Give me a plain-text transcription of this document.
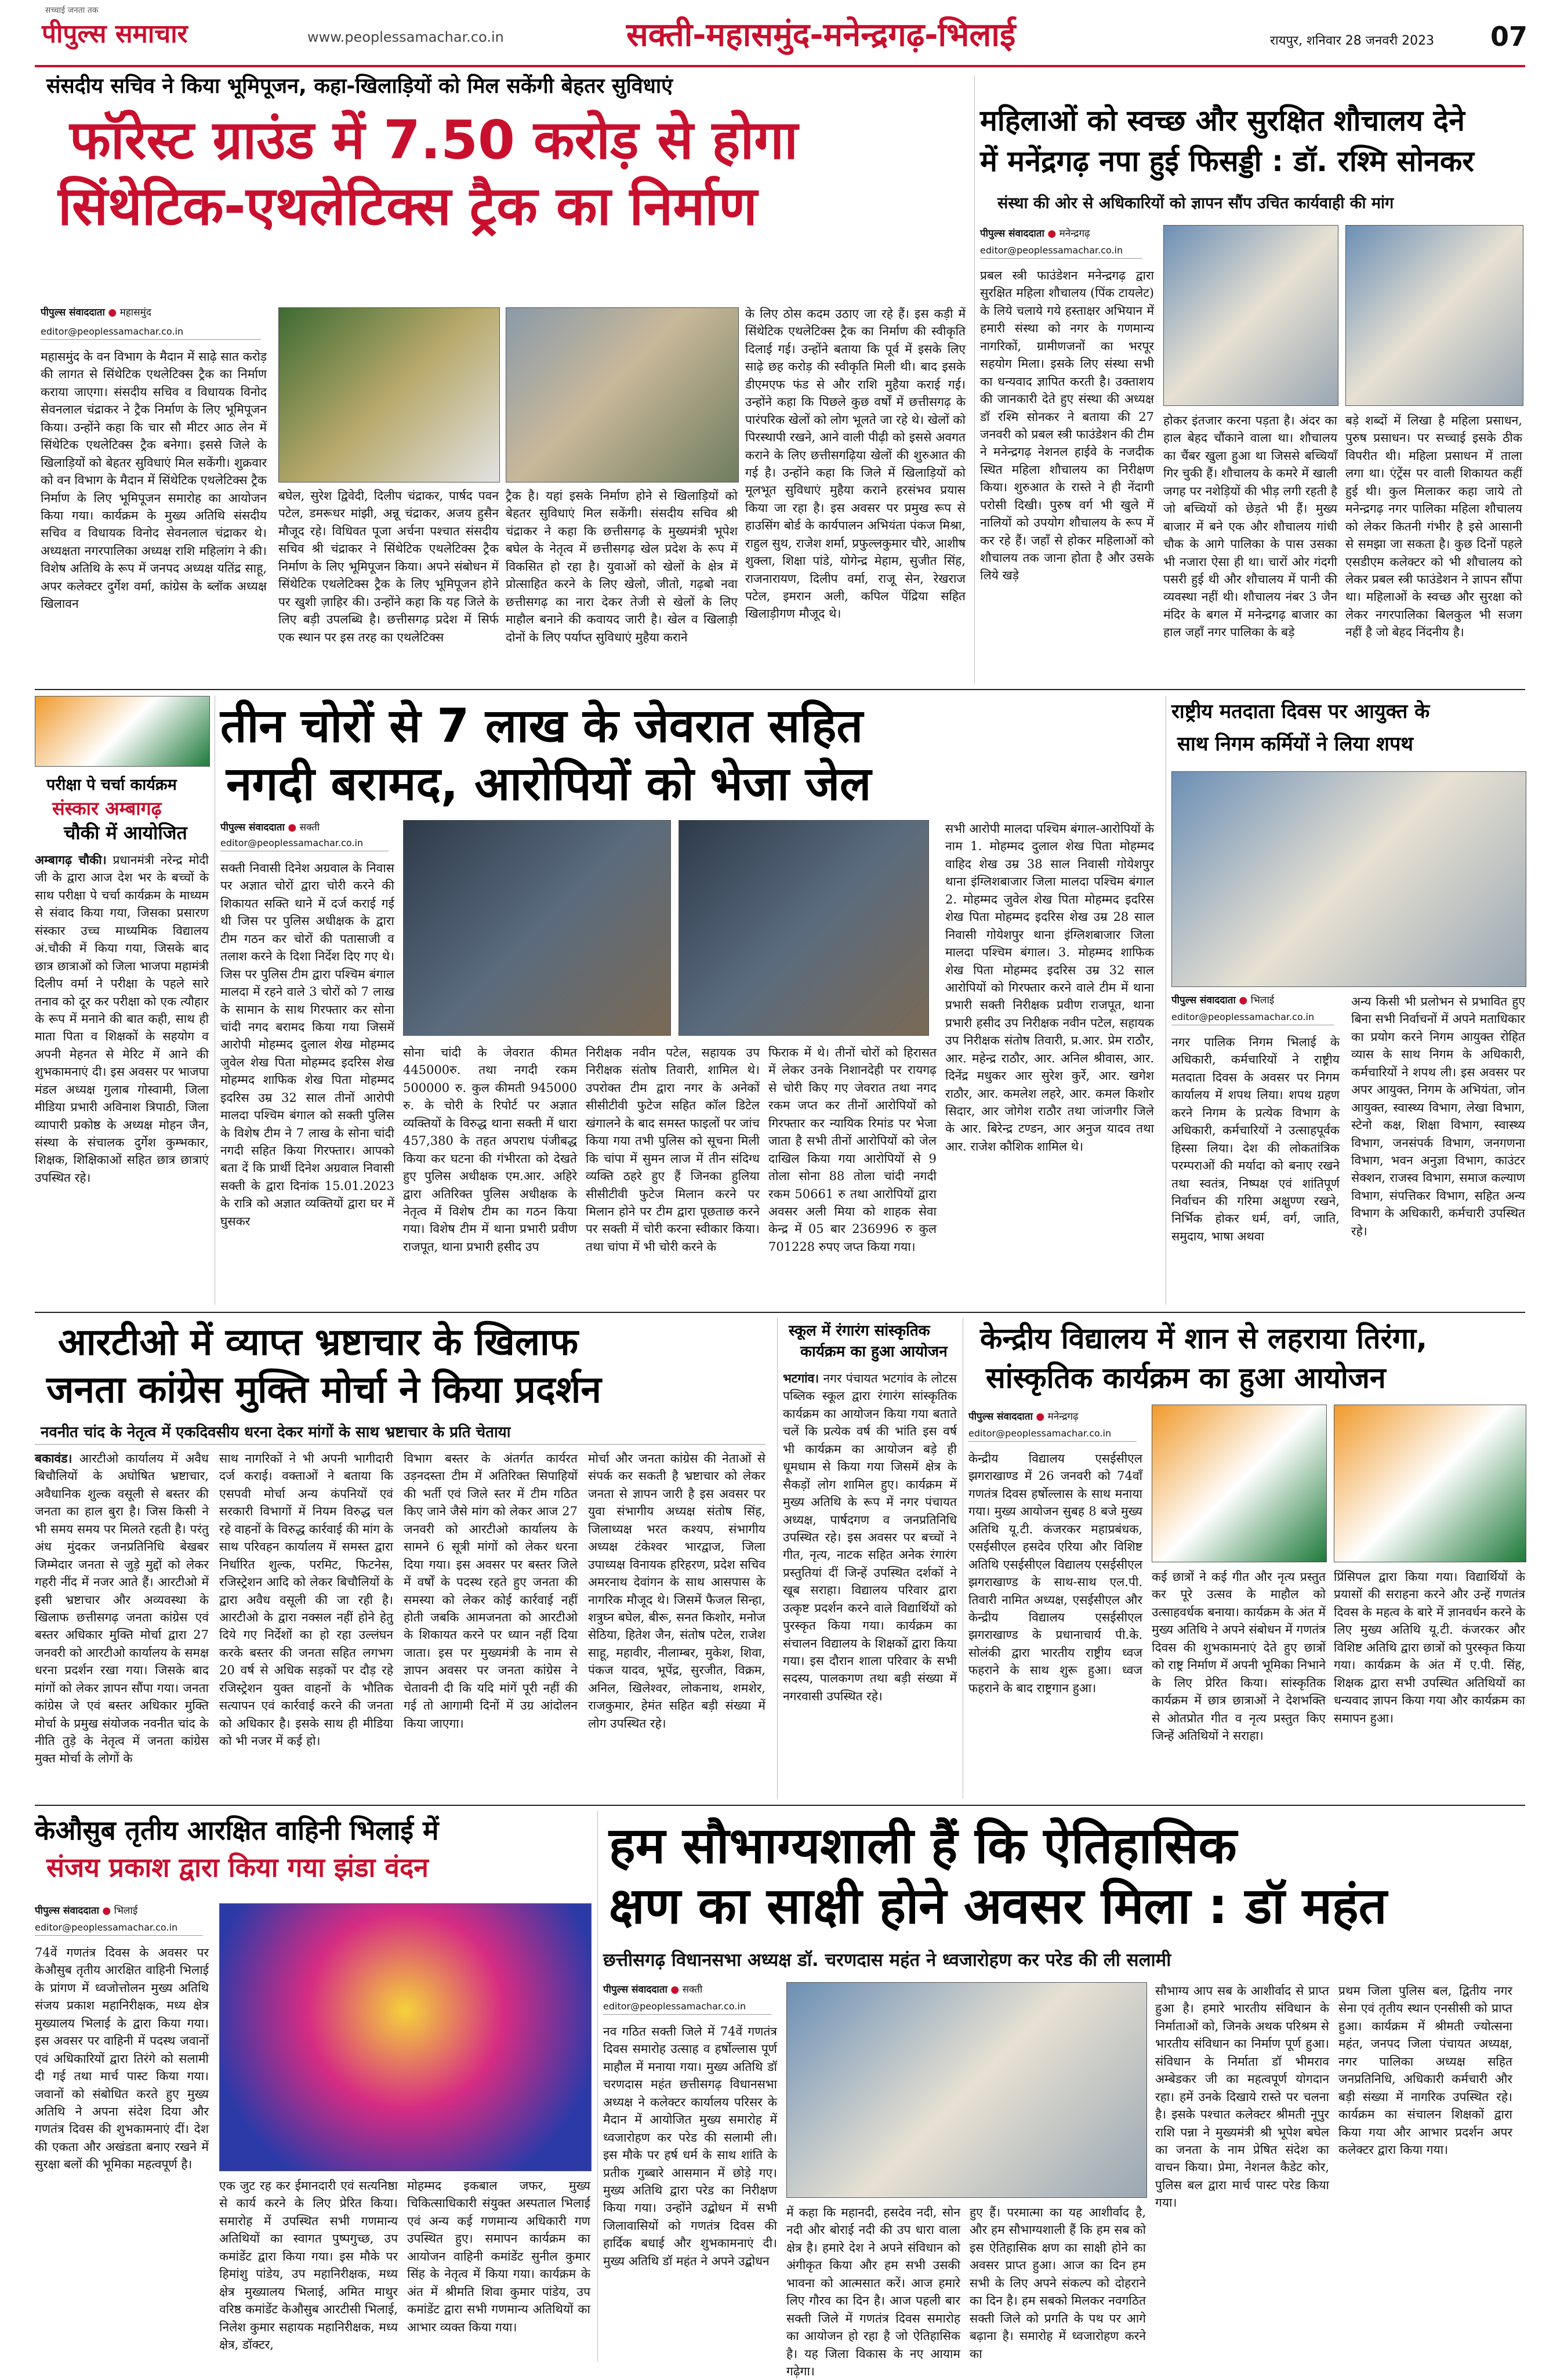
सच्चाई जनता तक
पीपुल्स समाचार	www.peoplessamachar.co.in	सक्ती-महासमुंद-मनेन्द्रगढ़-भिलाई	रायपुर, शनिवार 28 जनवरी 2023 07
संसदीय सचिव ने किया भूमिपूजन, कहा-खिलाड़ियों को मिल सकेंगी बेहतर सुविधाएं
फॉरेस्ट ग्राउंड में 7.50 करोड़ से होगा
सिंथेटिक-एथलेटिक्स ट्रैक का निर्माण
पीपुल्स संवाददाता ● महासमुंद
editor@peoplessamachar.co.in

महासमुंद के वन विभाग के मैदान में साढ़े सात करोड़ की लागत से सिंथेटिक एथलेटिक्स ट्रैक का निर्माण कराया जाएगा। संसदीय सचिव व विधायक विनोद सेवनलाल चंद्राकर ने ट्रैक निर्माण के लिए भूमिपूजन किया। उन्होंने कहा कि चार सौ मीटर आठ लेन में सिंथेटिक एथलेटिक्स ट्रैक बनेगा। इससे जिले के खिलाड़ियों को बेहतर सुविधाएं मिल सकेंगी। शुक्रवार को वन विभाग के मैदान में सिंथेटिक एथलेटिक्स ट्रैक निर्माण के लिए भूमिपूजन समारोह का आयोजन किया गया। कार्यक्रम के मुख्य अतिथि संसदीय सचिव व विधायक विनोद सेवनलाल चंद्राकर थे। अध्यक्षता नगरपालिका अध्यक्ष राशि महिलांग ने की। विशेष अतिथि के रूप में जनपद अध्यक्ष यतिंद्र साहू, अपर कलेक्टर दुर्गेश वर्मा, कांग्रेस के ब्लॉक अध्यक्ष खिलावन

बघेल, सुरेश द्विवेदी, दिलीप चंद्राकर, पार्षद पवन पटेल, डमरूधर मांझी, अन्नू चंद्राकर, अजय हुसैन मौजूद रहे। विधिवत पूजा अर्चना पश्चात संसदीय सचिव श्री चंद्राकर ने सिंथेटिक एथलेटिक्स ट्रैक निर्माण के लिए भूमिपूजन किया। अपने संबोधन में सिंथेटिक एथलेटिक्स ट्रैक के लिए भूमिपूजन होने पर खुशी ज़ाहिर की। उन्होंने कहा कि यह जिले के लिए बड़ी उपलब्धि है। छत्तीसगढ़ प्रदेश में सिर्फ एक स्थान पर इस तरह का एथलेटिक्स

ट्रैक है। यहां इसके निर्माण होने से खिलाड़ियों को बेहतर सुविधाएं मिल सकेंगी। संसदीय सचिव श्री चंद्राकर ने कहा कि छत्तीसगढ़ के मुख्यमंत्री भूपेश बघेल के नेतृत्व में छत्तीसगढ़ खेल प्रदेश के रूप में विकसित हो रहा है। युवाओं को खेलों के क्षेत्र में प्रोत्साहित करने के लिए खेलो, जीतो, गढ़बो नवा छत्तीसगढ़ का नारा देकर तेजी से खेलों के लिए माहौल बनाने की कवायद जारी है। खेल व खिलाड़ी दोनों के लिए पर्याप्त सुविधाएं मुहैया कराने

के लिए ठोस कदम उठाए जा रहे हैं। इस कड़ी में सिंथेटिक एथलेटिक्स ट्रैक का निर्माण की स्वीकृति दिलाई गई। उन्होंने बताया कि पूर्व में इसके लिए साढ़े छह करोड़ की स्वीकृति मिली थी। बाद इसके डीएमएफ फंड से और राशि मुहैया कराई गई। उन्होंने कहा कि पिछले कुछ वर्षों में छत्तीसगढ़ के पारंपरिक खेलों को लोग भूलते जा रहे थे। खेलों को पिरस्थापी रखने, आने वाली पीढ़ी को इससे अवगत कराने के लिए छत्तीसगढ़िया खेलों की शुरुआत की गई है। उन्होंने कहा कि जिले में खिलाड़ियों को मूलभूत सुविधाएं मुहैया कराने हरसंभव प्रयास किया जा रहा है। इस अवसर पर प्रमुख रूप से हाउसिंग बोर्ड के कार्यपालन अभियंता पंकज मिश्रा, राहुल सुथ, राजेश शर्मा, प्रफुल्लकुमार चौरे, आशीष शुक्ला, शिक्षा पांडे, योगेन्द्र मेहाम, सुजीत सिंह, राजनारायण, दिलीप वर्मा, राजू सेन, रेखराज पटेल, इमरान अली, कपिल पेंद्रिया सहित खिलाड़ीगण मौजूद थे।

महिलाओं को स्वच्छ और सुरक्षित शौचालय देने
में मनेंद्रगढ़ नपा हुई फिसड्डी : डॉ. रश्मि सोनकर
संस्था की ओर से अधिकारियों को ज्ञापन सौंप उचित कार्यवाही की मांग
पीपुल्स संवाददाता ● मनेन्द्रगढ़
editor@peoplessamachar.co.in

प्रबल स्त्री फाउंडेशन मनेन्द्रगढ़ द्वारा सुरक्षित महिला शौचालय (पिंक टायलेट) के लिये चलाये गये हस्ताक्षर अभियान में हमारी संस्था को नगर के गणमान्य नागरिकों, ग्रामीणजनों का भरपूर सहयोग मिला। इसके लिए संस्था सभी का धन्यवाद ज्ञापित करती है। उक्ताशय की जानकारी देते हुए संस्था की अध्यक्ष डॉ रश्मि सोनकर ने बताया की 27 जनवरी को प्रबल स्त्री फाउंडेशन की टीम ने मनेन्द्रगढ़ नेशनल हाईवे के नजदीक स्थित महिला शौचालय का निरीक्षण किया। शुरुआत के रास्ते ने ही नेंदागी परोसी दिखी। पुरुष वर्ग भी खुले में नालियों को उपयोग शौचालय के रूप में कर रहे हैं। जहाँ से होकर महिलाओं को शौचालय तक जाना होता है और उसके लिये खड़े

होकर इंतजार करना पड़ता है। अंदर का हाल बेहद चौंकाने वाला था। शौचालय का चैंबर खुला हुआ था जिससे बच्चियाँ गिर चुकी हैं। शौचालय के कमरे में खाली जगह पर नशेड़ियों की भीड़ लगी रहती है जो बच्चियों को छेड़ते भी हैं। मुख्य बाजार में बने एक और शौचालय गांधी चौक के आगे पालिका के पास उसका भी नजारा ऐसा ही था। चारों ओर गंदगी पसरी हुई थी और शौचालय में पानी की व्यवस्था नहीं थी। शौचालय नंबर 3 जैन मंदिर के बगल में मनेन्द्रगढ़ बाजार का हाल जहाँ नगर पालिका के बड़े

बड़े शब्दों में लिखा है महिला प्रसाधन, पुरुष प्रसाधन। पर सच्चाई इसके ठीक विपरीत थी। महिला प्रसाधन में ताला लगा था। एंट्रेंस पर वाली शिकायत कहीं हुई थी। कुल मिलाकर कहा जाये तो मनेन्द्रगढ़ नगर पालिका महिला शौचालय को लेकर कितनी गंभीर है इसे आसानी से समझा जा सकता है। कुछ दिनों पहले एसडीएम कलेक्टर को भी शौचालय को लेकर प्रबल स्त्री फाउंडेशन ने ज्ञापन सौंपा था। महिलाओं के स्वच्छ और सुरक्षा को लेकर नगरपालिका बिलकुल भी सजग नहीं है जो बेहद निंदनीय है।

परीक्षा पे चर्चा कार्यक्रम
संस्कार अम्बागढ़
चौकी में आयोजित

अम्बागढ़ चौकी। प्रधानमंत्री नरेन्द्र मोदी जी के द्वारा आज देश भर के बच्चों के साथ परीक्षा पे चर्चा कार्यक्रम के माध्यम से संवाद किया गया, जिसका प्रसारण संस्कार उच्च माध्यमिक विद्यालय अं.चौकी में किया गया, जिसके बाद छात्र छात्राओं को जिला भाजपा महामंत्री दिलीप वर्मा ने परीक्षा के पहले सारे तनाव को दूर कर परीक्षा को एक त्यौहार के रूप में मनाने की बात कही, साथ ही माता पिता व शिक्षकों के सहयोग व अपनी मेहनत से मेरिट में आने की शुभकामनाएं दी। इस अवसर पर भाजपा मंडल अध्यक्ष गुलाब गोस्वामी, जिला मीडिया प्रभारी अविनाश त्रिपाठी, जिला व्यापारी प्रकोष्ठ के अध्यक्ष मोहन जैन, संस्था के संचालक दुर्गेश कुम्भकार, शिक्षक, शिक्षिकाओं सहित छात्र छात्राएं उपस्थित रहे।

तीन चोरों से 7 लाख के जेवरात सहित
नगदी बरामद, आरोपियों को भेजा जेल
पीपुल्स संवाददाता ● सक्ती
editor@peoplessamachar.co.in

सक्ती निवासी दिनेश अग्रवाल के निवास पर अज्ञात चोरों द्वारा चोरी करने की शिकायत सक्ति थाने में दर्ज कराई गई थी जिस पर पुलिस अधीक्षक के द्वारा टीम गठन कर चोरों की पतासाजी व तलाश करने के दिशा निर्देश दिए गए थे। जिस पर पुलिस टीम द्वारा पश्चिम बंगाल मालदा में रहने वाले 3 चोरों को 7 लाख के सामान के साथ गिरफ्तार कर सोना चांदी नगद बरामद किया गया जिसमें आरोपी मोहम्मद दुलाल शेख मोहम्मद जुवेल शेख पिता मोहम्मद इदरिस शेख मोहम्मद शाफिक शेख पिता मोहम्मद इदरिस उम्र 32 साल तीनों आरोपी मालदा पश्चिम बंगाल को सक्ती पुलिस के विशेष टीम ने 7 लाख के सोना चांदी नगदी सहित किया गिरफ्तार। आपको बता दें कि प्रार्थी दिनेश अग्रवाल निवासी सक्ती के द्वारा दिनांक 15.01.2023 के रात्रि को अज्ञात व्यक्तियों द्वारा घर में घुसकर

सोना चांदी के जेवरात कीमत 445000रु. तथा नगदी रकम 500000 रु. कुल कीमती 945000 रु. के चोरी के रिपोर्ट पर अज्ञात व्यक्तियों के विरुद्ध थाना सक्ती में धारा 457,380 के तहत अपराध पंजीबद्ध किया कर घटना की गंभीरता को देखते हुए पुलिस अधीक्षक एम.आर. अहिरे द्वारा अतिरिक्त पुलिस अधीक्षक के नेतृत्व में विशेष टीम का गठन किया गया। विशेष टीम में थाना प्रभारी प्रवीण राजपूत, थाना प्रभारी हसीद उप

निरीक्षक नवीन पटेल, सहायक उप निरीक्षक संतोष तिवारी, शामिल थे। उपरोक्त टीम द्वारा नगर के अनेकों सीसीटीवी फुटेज सहित कॉल डिटेल खंगालने के बाद समस्त फाइलों पर जांच किया गया तभी पुलिस को सूचना मिली कि चांपा में सुमन लाज में तीन संदिग्ध व्यक्ति ठहरे हुए हैं जिनका हुलिया सीसीटीवी फुटेज मिलान करने पर मिलान होने पर टीम द्वारा पूछताछ करने पर सक्ती में चोरी करना स्वीकार किया। तथा चांपा में भी चोरी करने के

फिराक में थे। तीनों चोरों को हिरासत में लेकर उनके निशानदेही पर रायगढ़ से चोरी किए गए जेवरात तथा नगद रकम जप्त कर तीनों आरोपियों को गिरफ्तार कर न्यायिक रिमांड पर भेजा जाता है सभी तीनों आरोपियों को जेल दाखिल किया गया आरोपियों से 9 तोला सोना 88 तोला चांदी नगदी रकम 50661 रु तथा आरोपियों द्वारा अवसर अली मिया को शाहक सेवा केन्द्र में 05 बार 236996 रु कुल 701228 रुपए जप्त किया गया।

सभी आरोपी मालदा पश्चिम बंगाल-आरोपियों के नाम 1. मोहम्मद दुलाल शेख पिता मोहम्मद वाहिद शेख उम्र 38 साल निवासी गोयेशपुर थाना इंग्लिशबाजार जिला मालदा पश्चिम बंगाल 2. मोहम्मद जुवेल शेख पिता मोहम्मद इदरिस शेख पिता मोहम्मद इदरिस शेख उम्र 28 साल निवासी गोयेशपुर थाना इंग्लिशबाजार जिला मालदा पश्चिम बंगाल। 3. मोहम्मद शाफिक शेख पिता मोहम्मद इदरिस उम्र 32 साल आरोपियों को गिरफ्तार करने वाले टीम में थाना प्रभारी सक्ती निरीक्षक प्रवीण राजपूत, थाना प्रभारी हसीद उप निरीक्षक नवीन पटेल, सहायक उप निरीक्षक संतोष तिवारी, प्र.आर. प्रेम राठौर, आर. महेन्द्र राठौर, आर. अनिल श्रीवास, आर. दिनेंद्र मधुकर आर सुरेश कुर्रे, आर. खगेश राठौर, आर. कमलेश लहरे, आर. कमल किशोर सिदार, आर जोगेश राठौर तथा जांजगीर जिले के आर. बिरेन्द्र टण्डन, आर अनुज यादव तथा आर. राजेश कौशिक शामिल थे।

राष्ट्रीय मतदाता दिवस पर आयुक्त के
साथ निगम कर्मियों ने लिया शपथ
पीपुल्स संवाददाता ● भिलाई
editor@peoplessamachar.co.in

नगर पालिक निगम भिलाई के अधिकारी, कर्मचारियों ने राष्ट्रीय मतदाता दिवस के अवसर पर निगम कार्यालय में शपथ लिया। शपथ ग्रहण करने निगम के प्रत्येक विभाग के अधिकारी, कर्मचारियों ने उत्साहपूर्वक हिस्सा लिया। देश की लोकतांत्रिक परम्पराओं की मर्यादा को बनाए रखने तथा स्वतंत्र, निष्पक्ष एवं शांतिपूर्ण निर्वाचन की गरिमा अक्षुण्ण रखने, निर्भिक होकर धर्म, वर्ग, जाति, समुदाय, भाषा अथवा

अन्य किसी भी प्रलोभन से प्रभावित हुए बिना सभी निर्वाचनों में अपने मताधिकार का प्रयोग करने निगम आयुक्त रोहित व्यास के साथ निगम के अधिकारी, कर्मचारियों ने शपथ ली। इस अवसर पर अपर आयुक्त, निगम के अभियंता, जोन आयुक्त, स्वास्थ्य विभाग, लेखा विभाग, स्टेनो कक्ष, शिक्षा विभाग, स्वास्थ्य विभाग, जनसंपर्क विभाग, जनगणना विभाग, भवन अनुज्ञा विभाग, काउंटर सेक्शन, राजस्व विभाग, समाज कल्याण विभाग, संपत्तिकर विभाग, सहित अन्य विभाग के अधिकारी, कर्मचारी उपस्थित रहे।

आरटीओ में व्याप्त भ्रष्टाचार के खिलाफ
जनता कांग्रेस मुक्ति मोर्चा ने किया प्रदर्शन
नवनीत चांद के नेतृत्व में एकदिवसीय धरना देकर मांगों के साथ भ्रष्टाचार के प्रति चेताया

बकावंड। आरटीओ कार्यालय में अवैध बिचौलियों के अघोषित भ्रष्टाचार, अवैधानिक शुल्क वसूली से बस्तर की जनता का हाल बुरा है। जिस किसी ने भी समय समय पर मिलते रहती है। परंतु अंध मुंदकर जनप्रतिनिधि बेखबर जिम्मेदार जनता से जुड़े मुद्दों को लेकर गहरी नींद में नजर आते हैं। आरटीओ में इसी भ्रष्टाचार और अव्यवस्था के खिलाफ छत्तीसगढ़ जनता कांग्रेस एवं बस्तर अधिकार मुक्ति मोर्चा द्वारा 27 जनवरी को आरटीओ कार्यालय के समक्ष धरना प्रदर्शन रखा गया। जिसके बाद मांगों को लेकर ज्ञापन सौंपा गया। जनता कांग्रेस जे एवं बस्तर अधिकार मुक्ति मोर्चा के प्रमुख संयोजक नवनीत चांद के नीति तुड़े के नेतृत्व में जनता कांग्रेस मुक्त मोर्चा के लोगों के

साथ नागरिकों ने भी अपनी भागीदारी दर्ज कराई। वक्ताओं ने बताया कि एसपवी मोर्चा अन्य कंपनियों एवं सरकारी विभागों में नियम विरुद्ध चल रहे वाहनों के विरुद्ध कार्रवाई की मांग के साथ परिवहन कार्यालय में समस्त द्वारा निर्धारित शुल्क, परमिट, फिटनेस, रजिस्ट्रेशन आदि को लेकर बिचौलियों के द्वारा अवैध वसूली की जा रही है। आरटीओ के द्वारा नक्सल नहीं होने हेतु दिये गए निर्देशों का हो रहा उल्लंघन करके बस्तर की जनता सहित लगभग 20 वर्ष से अधिक सड़कों पर दौड़ रहे रजिस्ट्रेशन युक्त वाहनों के भौतिक सत्यापन एवं कार्रवाई करने की जनता को अधिकार है। इसके साथ ही मीडिया को भी नजर में कई हो।

विभाग बस्तर के अंतर्गत कार्यरत उड़नदस्ता टीम में अतिरिक्त सिपाहियों की भर्ती एवं जिले स्तर में टीम गठित किए जाने जैसे मांग को लेकर आज 27 जनवरी को आरटीओ कार्यालय के सामने 6 सूत्री मांगों को लेकर धरना दिया गया। इस अवसर पर बस्तर जिले में वर्षों के पदस्थ रहते हुए जनता की समस्या को लेकर कोई कार्रवाई नहीं होती जबकि आमजनता को आरटीओ के शिकायत करने पर ध्यान नहीं दिया जाता। इस पर मुख्यमंत्री के नाम से ज्ञापन अवसर पर जनता कांग्रेस ने चेतावनी दी कि यदि मांगें पूरी नहीं की गई तो आगामी दिनों में उग्र आंदोलन किया जाएगा।

मोर्चा और जनता कांग्रेस की नेताओं से संपर्क कर सकती है भ्रष्टाचार को लेकर जनता से ज्ञापन जारी है इस अवसर पर युवा संभागीय अध्यक्ष संतोष सिंह, जिलाध्यक्ष भरत कश्यप, संभागीय अध्यक्ष टंकेश्वर भारद्वाज, जिला उपाध्यक्ष विनायक हरिहरण, प्रदेश सचिव अमरनाथ देवांगन के साथ आसपास के नागरिक मौजूद थे। जिसमें फैजल सिन्हा, शत्रुघ्न बघेल, बीरू, सनत किशोर, मनोज सेठिया, हितेश जैन, संतोष पटेल, राजेश साहू, महावीर, नीलाम्बर, मुकेश, शिवा, पंकज यादव, भूपेंद्र, सुरजीत, विक्रम, अनिल, खिलेश्वर, लोकनाथ, शमशेर, राजकुमार, हेमंत सहित बड़ी संख्या में लोग उपस्थित रहे।

स्कूल में रंगारंग सांस्कृतिक
कार्यक्रम का हुआ आयोजन

भटगांव। नगर पंचायत भटगांव के लोटस पब्लिक स्कूल द्वारा रंगारंग सांस्कृतिक कार्यक्रम का आयोजन किया गया बताते चलें कि प्रत्येक वर्ष की भांति इस वर्ष भी कार्यक्रम का आयोजन बड़े ही धूमधाम से किया गया जिसमें क्षेत्र के सैकड़ों लोग शामिल हुए। कार्यक्रम में मुख्य अतिथि के रूप में नगर पंचायत अध्यक्ष, पार्षदगण व जनप्रतिनिधि उपस्थित रहे। इस अवसर पर बच्चों ने गीत, नृत्य, नाटक सहित अनेक रंगारंग प्रस्तुतियां दीं जिन्हें उपस्थित दर्शकों ने खूब सराहा। विद्यालय परिवार द्वारा उत्कृष्ट प्रदर्शन करने वाले विद्यार्थियों को पुरस्कृत किया गया। कार्यक्रम का संचालन विद्यालय के शिक्षकों द्वारा किया गया। इस दौरान शाला परिवार के सभी सदस्य, पालकगण तथा बड़ी संख्या में नगरवासी उपस्थित रहे।

केन्द्रीय विद्यालय में शान से लहराया तिरंगा,
सांस्कृतिक कार्यक्रम का हुआ आयोजन
पीपुल्स संवाददाता ● मनेन्द्रगढ़
editor@peoplessamachar.co.in

केन्द्रीय विद्यालय एसईसीएल झगराखाण्ड में 26 जनवरी को 74वाँ गणतंत्र दिवस हर्षोल्लास के साथ मनाया गया। मुख्य आयोजन सुबह 8 बजे मुख्य अतिथि यू.टी. कंजरकर महाप्रबंधक, एसईसीएल हसदेव एरिया और विशिष्ट अतिथि एसईसीएल विद्यालय एसईसीएल झगराखाण्ड के साथ-साथ एल.पी. तिवारी नामित अध्यक्ष, एसईसीएल और केन्द्रीय विद्यालय एसईसीएल झगराखाण्ड के प्रधानाचार्य पी.के. सोलंकी द्वारा भारतीय राष्ट्रीय ध्वज फहराने के साथ शुरू हुआ। ध्वज फहराने के बाद राष्ट्रगान हुआ।

कई छात्रों ने कई गीत और नृत्य प्रस्तुत कर पूरे उत्सव के माहौल को उत्साहवर्धक बनाया। कार्यक्रम के अंत में मुख्य अतिथि ने अपने संबोधन में गणतंत्र दिवस की शुभकामनाएं देते हुए छात्रों को राष्ट्र निर्माण में अपनी भूमिका निभाने के लिए प्रेरित किया। सांस्कृतिक कार्यक्रम में छात्र छात्राओं ने देशभक्ति से ओतप्रोत गीत व नृत्य प्रस्तुत किए जिन्हें अतिथियों ने सराहा।

प्रिंसिपल द्वारा किया गया। विद्यार्थियों के प्रयासों की सराहना करने और उन्हें गणतंत्र दिवस के महत्व के बारे में ज्ञानवर्धन करने के लिए मुख्य अतिथि यू.टी. कंजरकर और विशिष्ट अतिथि द्वारा छात्रों को पुरस्कृत किया गया। कार्यक्रम के अंत में ए.पी. सिंह, शिक्षक द्वारा सभी उपस्थित अतिथियों का धन्यवाद ज्ञापन किया गया और कार्यक्रम का समापन हुआ।

केऔसुब तृतीय आरक्षित वाहिनी भिलाई में
संजय प्रकाश द्वारा किया गया झंडा वंदन
पीपुल्स संवाददाता ● भिलाई
editor@peoplessamachar.co.in

74वें गणतंत्र दिवस के अवसर पर केऔसुब तृतीय आरक्षित वाहिनी भिलाई के प्रांगण में ध्वजोत्तोलन मुख्य अतिथि संजय प्रकाश महानिरीक्षक, मध्य क्षेत्र मुख्यालय भिलाई के द्वारा किया गया। इस अवसर पर वाहिनी में पदस्थ जवानों एवं अधिकारियों द्वारा तिरंगे को सलामी दी गई तथा मार्च पास्ट किया गया। जवानों को संबोधित करते हुए मुख्य अतिथि ने अपना संदेश दिया और गणतंत्र दिवस की शुभकामनाएं दीं। देश की एकता और अखंडता बनाए रखने में सुरक्षा बलों की भूमिका महत्वपूर्ण है।

एक जुट रह कर ईमानदारी एवं सत्यनिष्ठा से कार्य करने के लिए प्रेरित किया। समारोह में उपस्थित सभी गणमान्य अतिथियों का स्वागत पुष्पगुच्छ, उप कमांडेंट द्वारा किया गया। इस मौके पर हिमांशु पांडेय, उप महानिरीक्षक, मध्य क्षेत्र मुख्यालय भिलाई, अमित माथुर वरिष्ठ कमांडेंट केऔसुब आरटीसी भिलाई, निलेश कुमार सहायक महानिरीक्षक, मध्य क्षेत्र, डॉक्टर,

मोहम्मद इकबाल जफर, मुख्य चिकित्साधिकारी संयुक्त अस्पताल भिलाई एवं अन्य कई गणमान्य अधिकारी गण उपस्थित हुए। समापन कार्यक्रम का आयोजन वाहिनी कमांडेंट सुनील कुमार सिंह के नेतृत्व में किया गया। कार्यक्रम के अंत में श्रीमति शिवा कुमार पांडेय, उप कमांडेंट द्वारा सभी गणमान्य अतिथियों का आभार व्यक्त किया गया।

हम सौभाग्यशाली हैं कि ऐतिहासिक
क्षण का साक्षी होने अवसर मिला : डॉ महंत
छत्तीसगढ़ विधानसभा अध्यक्ष डॉ. चरणदास महंत ने ध्वजारोहण कर परेड की ली सलामी
पीपुल्स संवाददाता ● सक्ती
editor@peoplessamachar.co.in

नव गठित सक्ती जिले में 74वें गणतंत्र दिवस समारोह उत्साह व हर्षोल्लास पूर्ण माहौल में मनाया गया। मुख्य अतिथि डॉ चरणदास महंत छत्तीसगढ़ विधानसभा अध्यक्ष ने कलेक्टर कार्यालय परिसर के मैदान में आयोजित मुख्य समारोह में ध्वजारोहण कर परेड की सलामी ली। इस मौके पर हर्ष धर्म के साथ शांति के प्रतीक गुब्बारे आसमान में छोड़े गए। मुख्य अतिथि द्वारा परेड का निरीक्षण किया गया। उन्होंने उद्बोधन में सभी जिलावासियों को गणतंत्र दिवस की हार्दिक बधाई और शुभकामनाएं दी। मुख्य अतिथि डॉ महंत ने अपने उद्बोधन

में कहा कि महानदी, हसदेव नदी, सोन नदी और बोराई नदी की उप धारा वाला क्षेत्र है। हमारे देश ने अपने संविधान को अंगीकृत किया और हम सभी उसकी भावना को आत्मसात करें। आज हमारे लिए गौरव का दिन है। आज पहली बार सक्ती जिले में गणतंत्र दिवस समारोह का आयोजन हो रहा है जो ऐतिहासिक है। यह जिला विकास के नए आयाम गढ़ेगा।

हुए हैं। परमात्मा का यह आशीर्वाद है, और हम सौभाग्यशाली हैं कि हम सब को इस ऐतिहासिक क्षण का साक्षी होने का अवसर प्राप्त हुआ। आज का दिन हम सभी के लिए अपने संकल्प को दोहराने का दिन है। हम सबको मिलकर नवगठित सक्ती जिले को प्रगति के पथ पर आगे बढ़ाना है। समारोह में ध्वजारोहण करने का

सौभाग्य आप सब के आशीर्वाद से प्राप्त हुआ है। हमारे भारतीय संविधान के निर्माताओं को, जिनके अथक परिश्रम से भारतीय संविधान का निर्माण पूर्ण हुआ। संविधान के निर्माता डॉ भीमराव अम्बेडकर जी का महत्वपूर्ण योगदान रहा। हमें उनके दिखाये रास्ते पर चलना है। इसके पश्चात कलेक्टर श्रीमती नूपुर राशि पन्ना ने मुख्यमंत्री श्री भूपेश बघेल का जनता के नाम प्रेषित संदेश का वाचन किया। प्रेमा, नेशनल कैडेट कोर, पुलिस बल द्वारा मार्च पास्ट परेड किया गया।

प्रथम जिला पुलिस बल, द्वितीय नगर सेना एवं तृतीय स्थान एनसीसी को प्राप्त हुआ। कार्यक्रम में श्रीमती ज्योत्सना महंत, जनपद जिला पंचायत अध्यक्ष, नगर पालिका अध्यक्ष सहित जनप्रतिनिधि, अधिकारी कर्मचारी और बड़ी संख्या में नागरिक उपस्थित रहे। कार्यक्रम का संचालन शिक्षकों द्वारा किया गया और आभार प्रदर्शन अपर कलेक्टर द्वारा किया गया।
